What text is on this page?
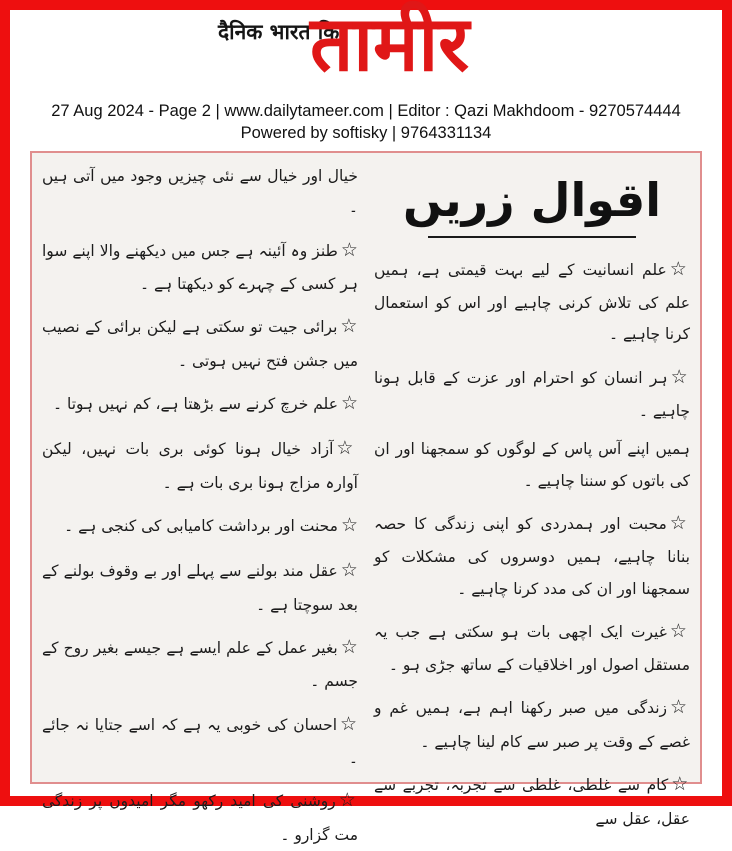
दैनिक भारत कि
तामीर
27 Aug 2024 - Page 2 | www.dailytameer.com | Editor : Qazi Makhdoom - 9270574444
Powered by softisky | 9764331134
اقوال زریں

☆علم انسانیت کے لیے بہت قیمتی ہے، ہمیں علم کی تلاش کرنی چاہیے اور اس کو استعمال کرنا چاہیے ۔

☆ہر انسان کو احترام اور عزت کے قابل ہونا چاہیے ۔

ہمیں اپنے آس پاس کے لوگوں کو سمجھنا اور ان کی باتوں کو سننا چاہیے ۔

☆محبت اور ہمدردی کو اپنی زندگی کا حصہ بنانا چاہیے، ہمیں دوسروں کی مشکلات کو سمجھنا اور ان کی مدد کرنا چاہیے ۔

☆غیرت ایک اچھی بات ہو سکتی ہے جب یہ مستقل اصول اور اخلاقیات کے ساتھ جڑی ہو ۔

☆زندگی میں صبر رکھنا اہم ہے، ہمیں غم و غصے کے وقت پر صبر سے کام لینا چاہیے ۔

☆کام سے غلطی، غلطی سے تجربہ، تجربے سے عقل، عقل سے

خیال اور خیال سے نئی چیزیں وجود میں آتی ہیں ۔

☆طنز وہ آئینہ ہے جس میں دیکھنے والا اپنے سوا ہر کسی کے چہرے کو دیکھتا ہے ۔

☆برائی جیت تو سکتی ہے لیکن برائی کے نصیب میں جشن فتح نہیں ہوتی ۔

☆علم خرچ کرنے سے بڑھتا ہے، کم نہیں ہوتا ۔

☆آزاد خیال ہونا کوئی بری بات نہیں، لیکن آوارہ مزاج ہونا بری بات ہے ۔

☆محنت اور برداشت کامیابی کی کنجی ہے ۔

☆عقل مند بولنے سے پہلے اور بے وقوف بولنے کے بعد سوچتا ہے ۔

☆بغیر عمل کے علم ایسے ہے جیسے بغیر روح کے جسم ۔

☆احسان کی خوبی یہ ہے کہ اسے جتایا نہ جائے ۔

☆روشنی کی امید رکھو مگر امیدوں پر زندگی مت گزارو ۔
